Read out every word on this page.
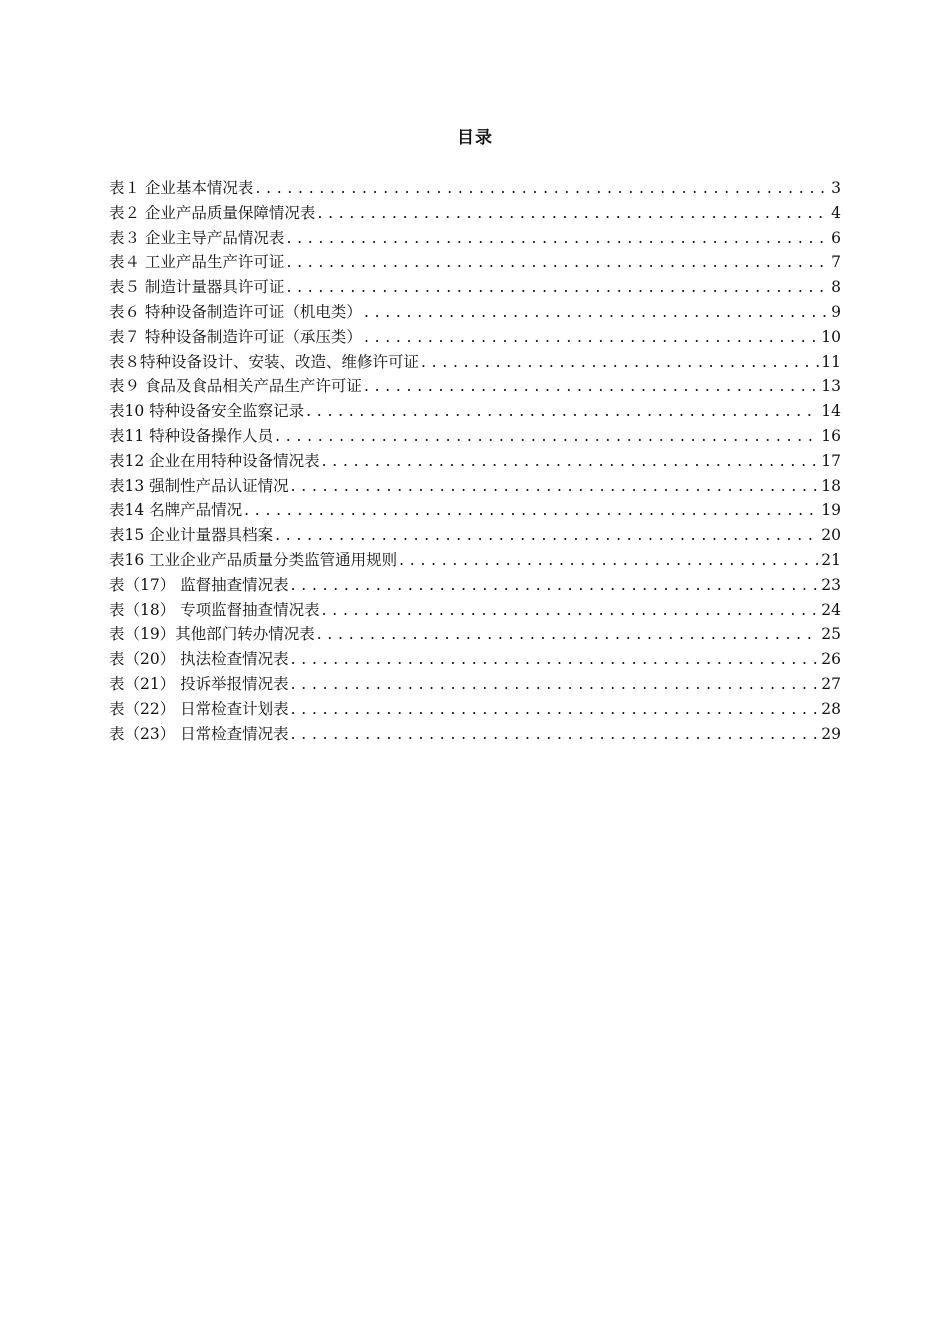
目录
表１ 企业基本情况表 . . .	3
表２ 企业产品质量保障情况表 . . .	4
表３ 企业主导产品情况表 . . .	6
表４ 工业产品生产许可证 . . .	7
表５ 制造计量器具许可证 . . .	8
表６ 特种设备制造许可证（机电类） . . .	9
表７ 特种设备制造许可证（承压类） . . .	10
表８特种设备设计、安装、改造、维修许可证 . . .	11
表９ 食品及食品相关产品生产许可证 . . .	13
表10 特种设备安全监察记录 . . .	14
表11 特种设备操作人员 . . .	16
表12 企业在用特种设备情况表 . . .	17
表13 强制性产品认证情况 . . .	18
表14 名牌产品情况 . . .	19
表15 企业计量器具档案 . . .	20
表16 工业企业产品质量分类监管通用规则 . . .	21
表（17） 监督抽查情况表 . . .	23
表（18） 专项监督抽查情况表 . . .	24
表（19）其他部门转办情况表 . . .	25
表（20） 执法检查情况表 . . .	26
表（21） 投诉举报情况表 . . .	27
表（22） 日常检查计划表 . . .	28
表（23） 日常检查情况表 . . .	29
